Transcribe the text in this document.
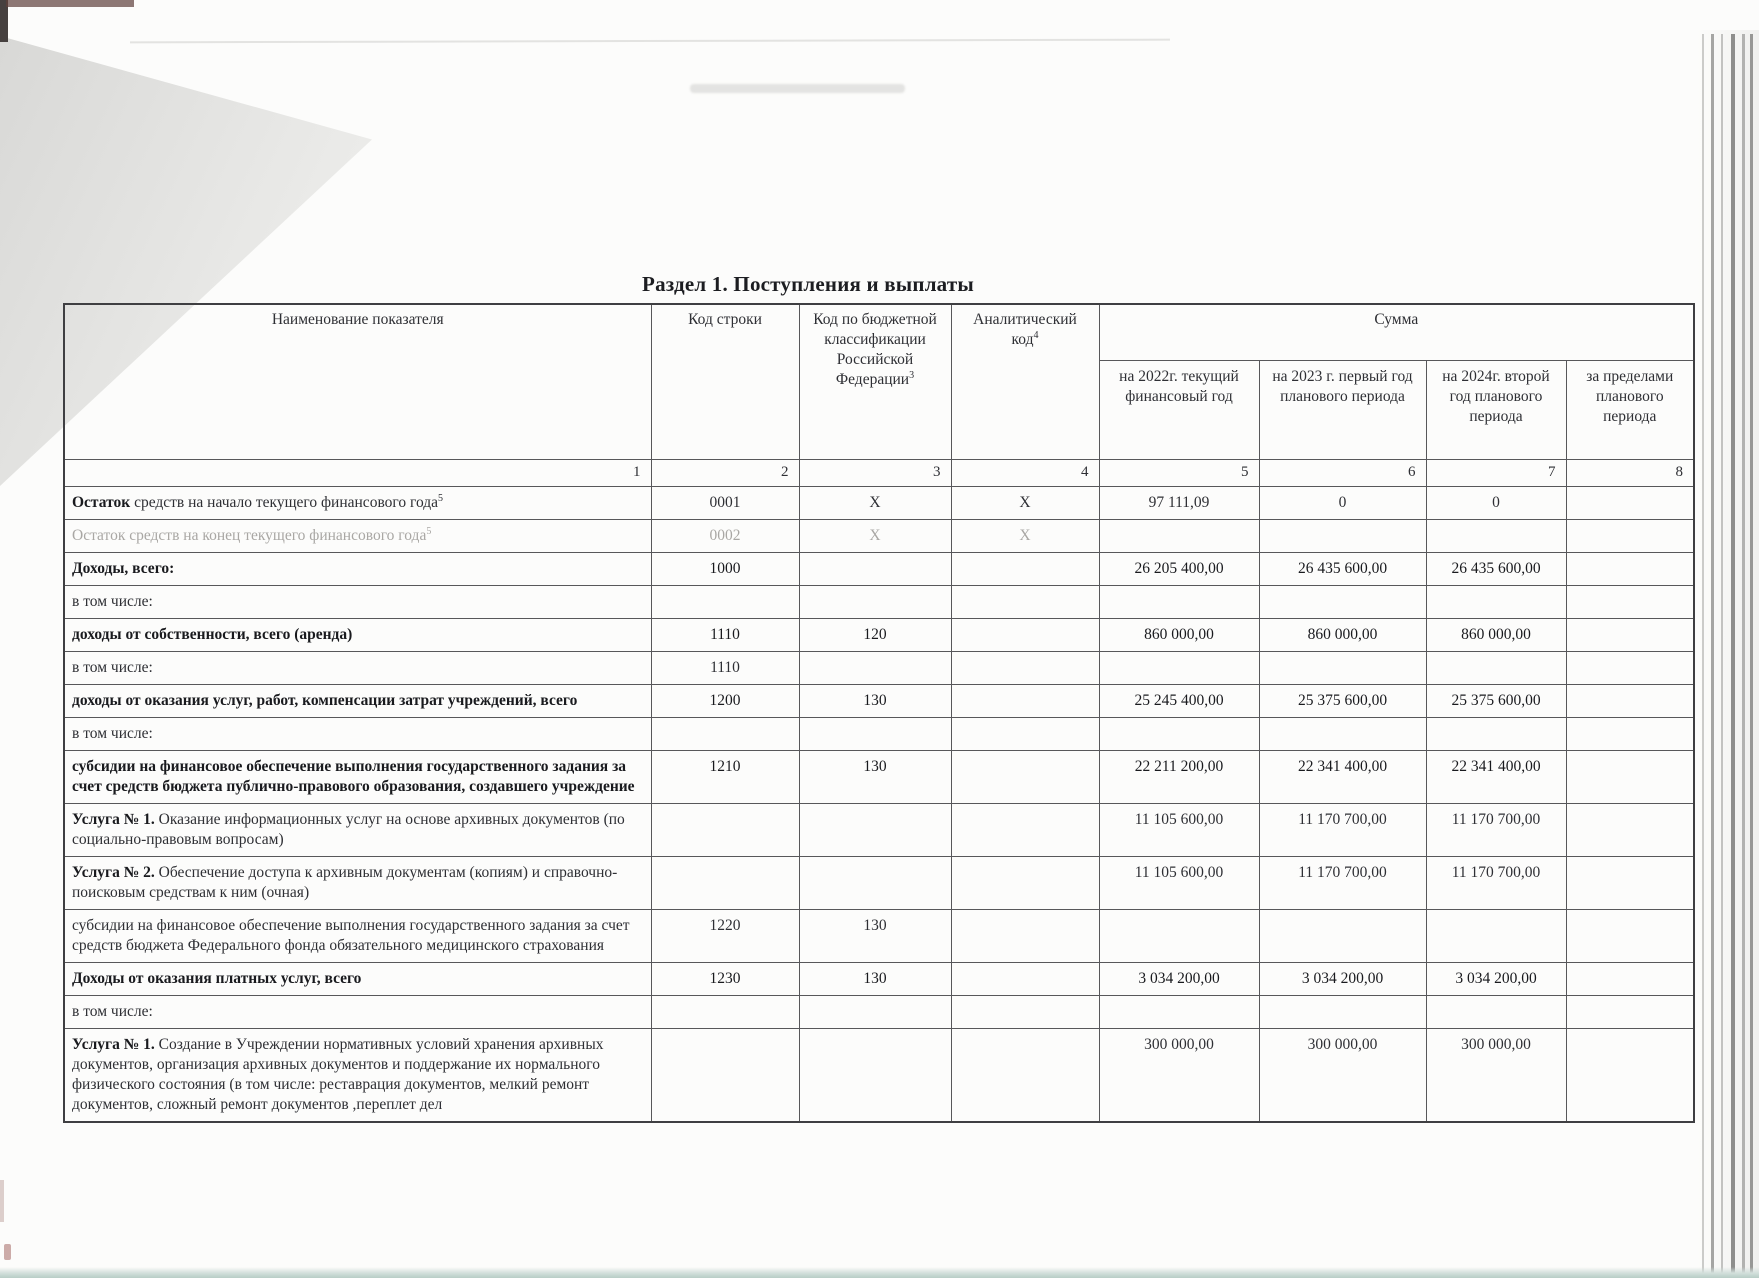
Раздел 1. Поступления и выплаты
Наименование показателя	Код строки	Код по бюджетной классификации Российской Федерации$^3$	Аналитический код$^4$	Сумма			
				на 2022г. текущий финансовый год	на 2023 г. первый год планового периода	на 2024г. второй год планового периода	за пределами планового периода
1	2	3	4	5	6	7	8
Остаток средств на начало текущего финансового года$^5$	0001	X	X	97 111,09	0	0	
Остаток средств на конец текущего финансового года$^5$	0002	X	X				
Доходы, всего:	1000			26 205 400,00	26 435 600,00	26 435 600,00	
в том числе:							
доходы от собственности, всего (аренда)	1110	120		860 000,00	860 000,00	860 000,00	
в том числе:	1110						
доходы от оказания услуг, работ, компенсации затрат учреждений, всего	1200	130		25 245 400,00	25 375 600,00	25 375 600,00	
в том числе:							
субсидии на финансовое обеспечение выполнения государственного задания за счет средств бюджета публично-правового образования, создавшего учреждение	1210	130		22 211 200,00	22 341 400,00	22 341 400,00	
Услуга № 1. Оказание информационных услуг на основе архивных документов (по социально-правовым вопросам)				11 105 600,00	11 170 700,00	11 170 700,00	
Услуга № 2. Обеспечение доступа к архивным документам (копиям) и справочно-поисковым средствам к ним (очная)				11 105 600,00	11 170 700,00	11 170 700,00	
субсидии на финансовое обеспечение выполнения государственного задания за счет средств бюджета Федерального фонда обязательного медицинского страхования	1220	130					
Доходы от оказания платных услуг, всего	1230	130		3 034 200,00	3 034 200,00	3 034 200,00	
в том числе:							
Услуга № 1. Создание в Учреждении нормативных условий хранения архивных документов, организация архивных документов и поддержание их нормального физического состояния (в том числе: реставрация документов, мелкий ремонт документов, сложный ремонт документов ,переплет дел				300 000,00	300 000,00	300 000,00	
